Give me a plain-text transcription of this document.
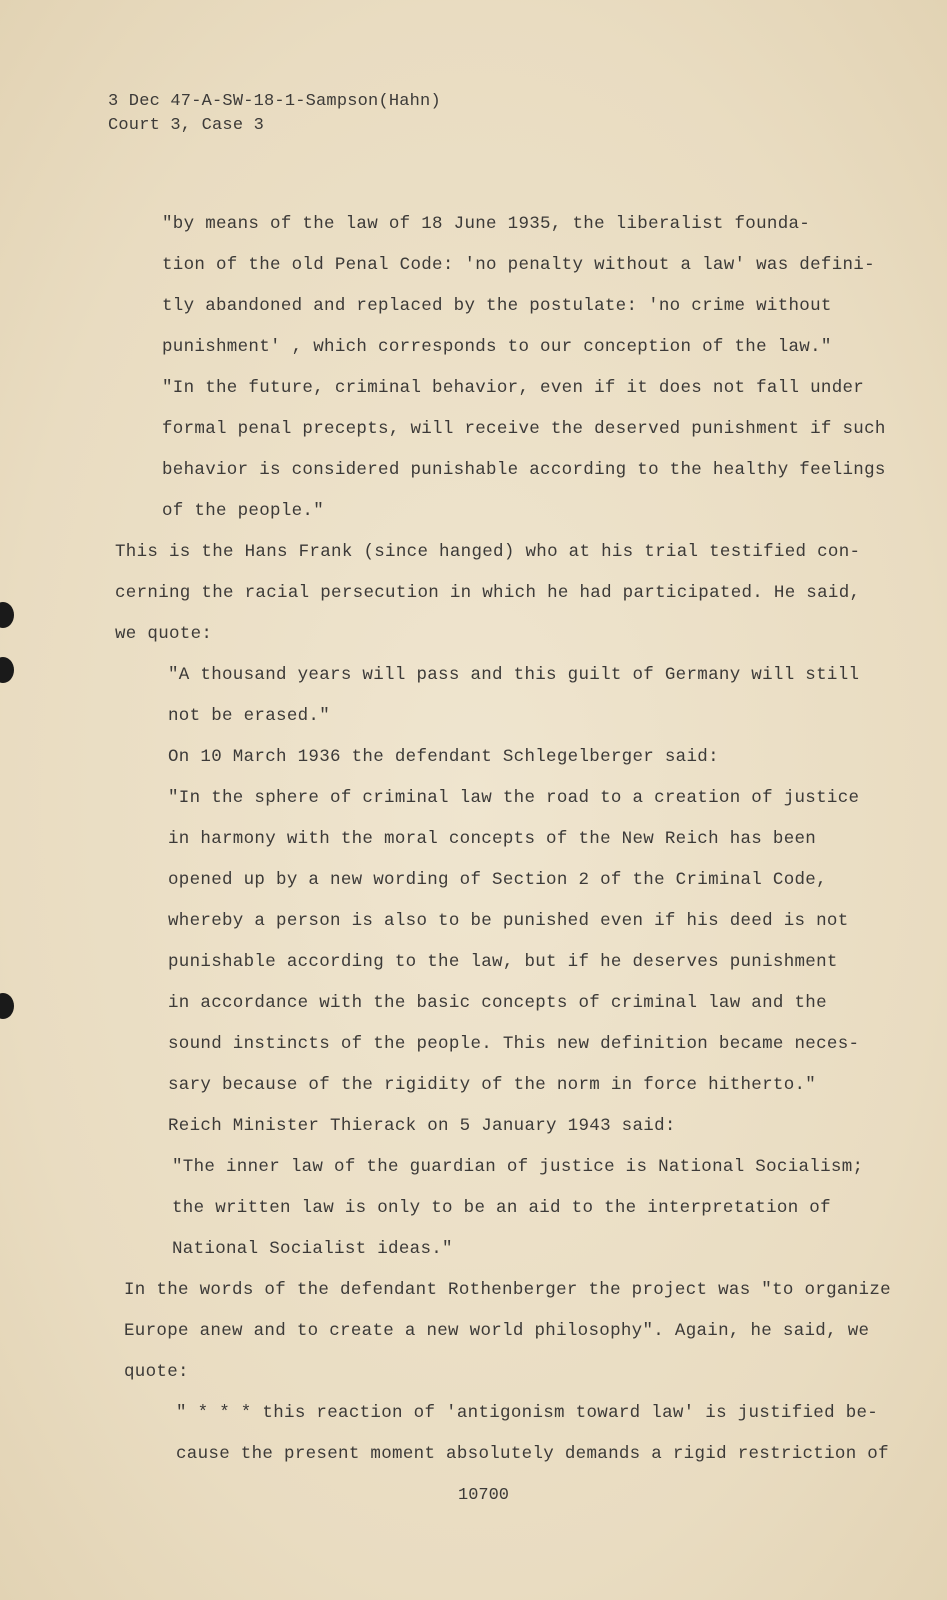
3 Dec 47-A-SW-18-1-Sampson(Hahn)
Court 3, Case 3
"by means of the law of 18 June 1935, the liberalist founda-
tion of the old Penal Code: 'no penalty without a law' was defini-
tly abandoned and replaced by the postulate: 'no crime without
punishment' , which corresponds to our conception of the law."
"In the future, criminal behavior, even if it does not fall under
formal penal precepts, will receive the deserved punishment if such
behavior is considered punishable according to the healthy feelings
of the people."
This is the Hans Frank (since hanged) who at his trial testified con-
cerning the racial persecution in which he had participated. He said,
we quote:
"A thousand years will pass and this guilt of Germany will still
not be erased."
On 10 March 1936 the defendant Schlegelberger said:
"In the sphere of criminal law the road to a creation of justice
in harmony with the moral concepts of the New Reich has been
opened up by a new wording of Section 2 of the Criminal Code,
whereby a person is also to be punished even if his deed is not
punishable according to the law, but if he deserves punishment
in accordance with the basic concepts of criminal law and the
sound instincts of the people. This new definition became neces-
sary because of the rigidity of the norm in force hitherto."
Reich Minister Thierack on 5 January 1943 said:
"The inner law of the guardian of justice is National Socialism;
the written law is only to be an aid to the interpretation of
National Socialist ideas."
In the words of the defendant Rothenberger the project was "to organize
Europe anew and to create a new world philosophy". Again, he said, we
quote:
" * * * this reaction of 'antigonism toward law' is justified be-
cause the present moment absolutely demands a rigid restriction of
10700
